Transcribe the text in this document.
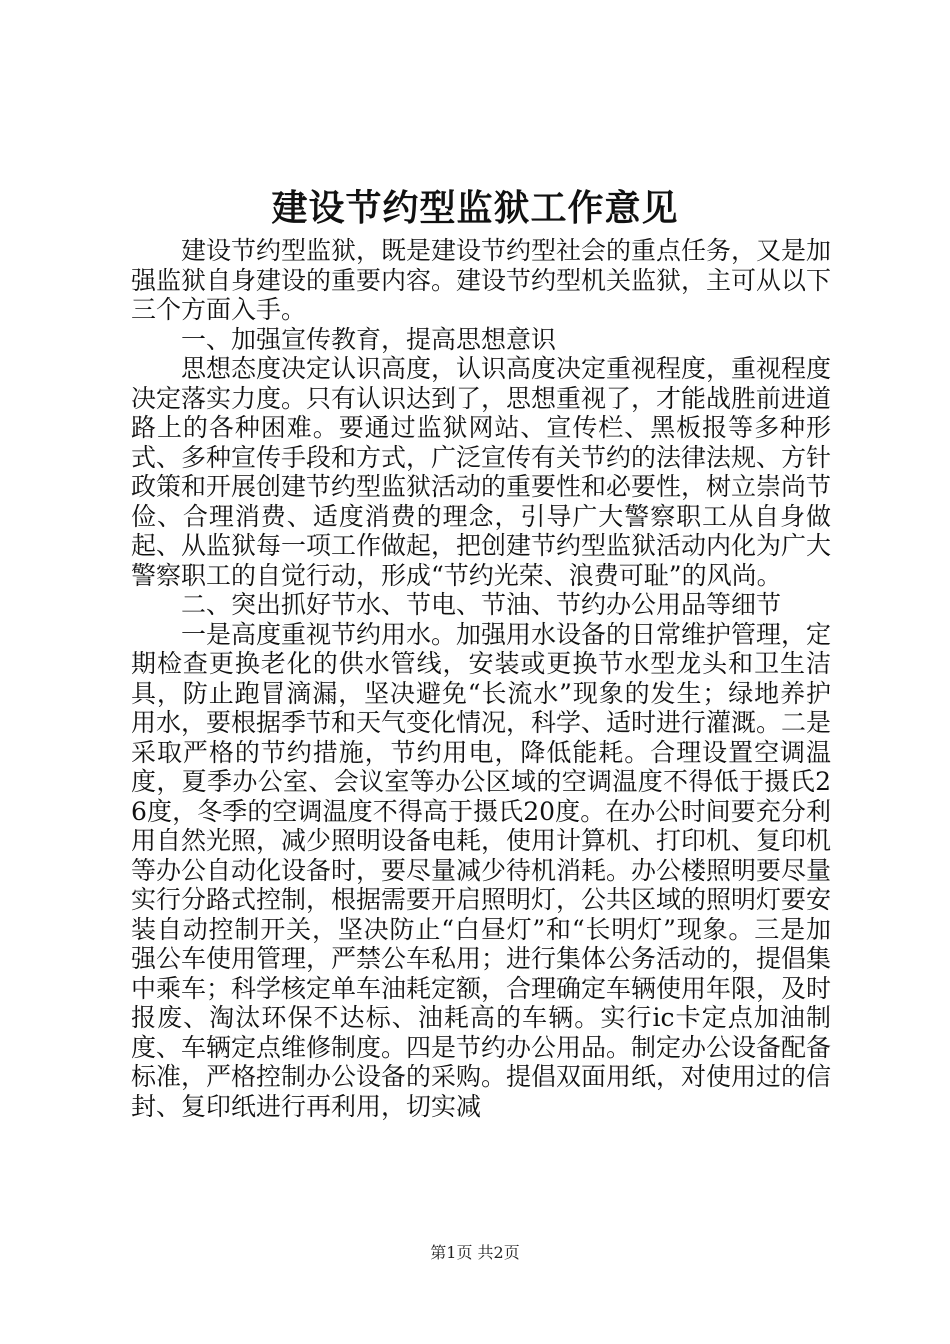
建设节约型监狱工作意见

建设节约型监狱，既是建设节约型社会的重点任务，又是加强监狱自身建设的重要内容。建设节约型机关监狱，主可从以下三个方面入手。

一、加强宣传教育，提高思想意识

思想态度决定认识高度，认识高度决定重视程度，重视程度决定落实力度。只有认识达到了，思想重视了，才能战胜前进道路上的各种困难。要通过监狱网站、宣传栏、黑板报等多种形式、多种宣传手段和方式，广泛宣传有关节约的法律法规、方针政策和开展创建节约型监狱活动的重要性和必要性，树立崇尚节俭、合理消费、适度消费的理念，引导广大警察职工从自身做起、从监狱每一项工作做起，把创建节约型监狱活动内化为广大警察职工的自觉行动，形成“节约光荣、浪费可耻”的风尚。

二、突出抓好节水、节电、节油、节约办公用品等细节

一是高度重视节约用水。加强用水设备的日常维护管理，定期检查更换老化的供水管线，安装或更换节水型龙头和卫生洁具，防止跑冒滴漏，坚决避免“长流水”现象的发生；绿地养护用水，要根据季节和天气变化情况，科学、适时进行灌溉。二是采取严格的节约措施，节约用电，降低能耗。合理设置空调温度，夏季办公室、会议室等办公区域的空调温度不得低于摄氏26度，冬季的空调温度不得高于摄氏20度。在办公时间要充分利用自然光照，减少照明设备电耗，使用计算机、打印机、复印机等办公自动化设备时，要尽量减少待机消耗。办公楼照明要尽量实行分路式控制，根据需要开启照明灯，公共区域的照明灯要安装自动控制开关，坚决防止“白昼灯”和“长明灯”现象。三是加强公车使用管理，严禁公车私用；进行集体公务活动的，提倡集中乘车；科学核定单车油耗定额，合理确定车辆使用年限，及时报废、淘汰环保不达标、油耗高的车辆。实行ic卡定点加油制度、车辆定点维修制度。四是节约办公用品。制定办公设备配备标准，严格控制办公设备的采购。提倡双面用纸，对使用过的信封、复印纸进行再利用，切实减

第1页 共2页
